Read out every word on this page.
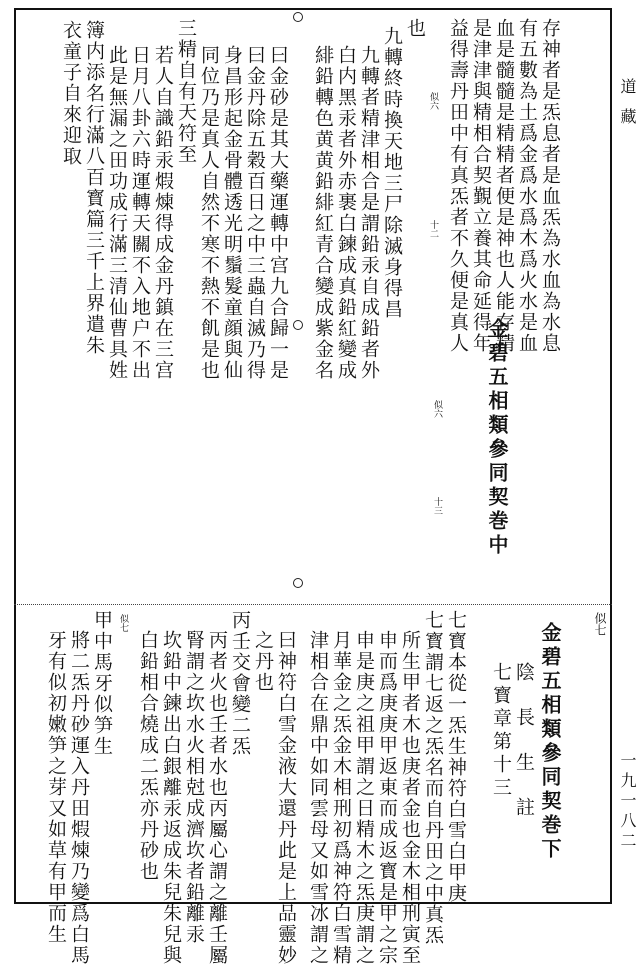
道藏
一九一八二
存神者是炁息者是血炁為水血為水息
有五數為土爲金爲水爲木爲火水是血
血是髓髓是精精者便是神也人能存精
是津津與精相合契覲立養其命延得年
益得壽丹田中有真炁者不久便是真人
似六
十二
也
九轉終時換天地三尸除滅身得昌
九轉者精津相合是謂鉛汞自成鉛者外
白内黑汞者外赤裹白鍊成真鉛紅變成
緋鉛轉色黄黄鉛緋紅青合變成紫金名
曰金砂是其大藥運轉中宫九合歸一是
曰金丹除五穀百日之中三蟲自滅乃得
身昌形起金骨體透光明鬚髮童顔與仙
同位乃是真人自然不寒不熱不飢是也
三精自有天符至
若人自識鉛汞煆煉得成金丹鎮在三宫
日月八卦六時運轉天關不入地户不出
此是無漏之田功成行滿三清仙曹具姓
簿内添名行滿八百寳篇三千上界遣朱
衣童子自來迎取
金碧五相類參同契巻中
似六
十三
金碧五相類參同契巻下	似七
陰長生註
七寳章第十三
七寳本從一炁生神符白雪白甲庚
七寳謂七返之炁名而自丹田之中真炁
所生甲者木也庚者金也金木相刑寅至
申而爲庚庚甲返東而成返寳是甲之宗
申是庚之祖甲謂之日精木之炁庚謂之
月華金之炁金木相刑初爲神符白雪精
津相合在鼎中如同雲母又如雪冰謂之
曰神符白雪金液大還丹此是上品靈妙
之丹也
丙壬交會變二炁
丙者火也壬者水也丙屬心謂之離壬屬
腎謂之坎水火相尅成濟坎者鉛離汞
坎鉛中鍊出白銀離汞返成朱兒朱兒與
白鉛相合燒成二炁亦丹砂也
似七
甲中馬牙似笋生
將二炁丹砂運入丹田煆煉乃變爲白馬
牙有似初嫩笋之芽又如草有甲而生
